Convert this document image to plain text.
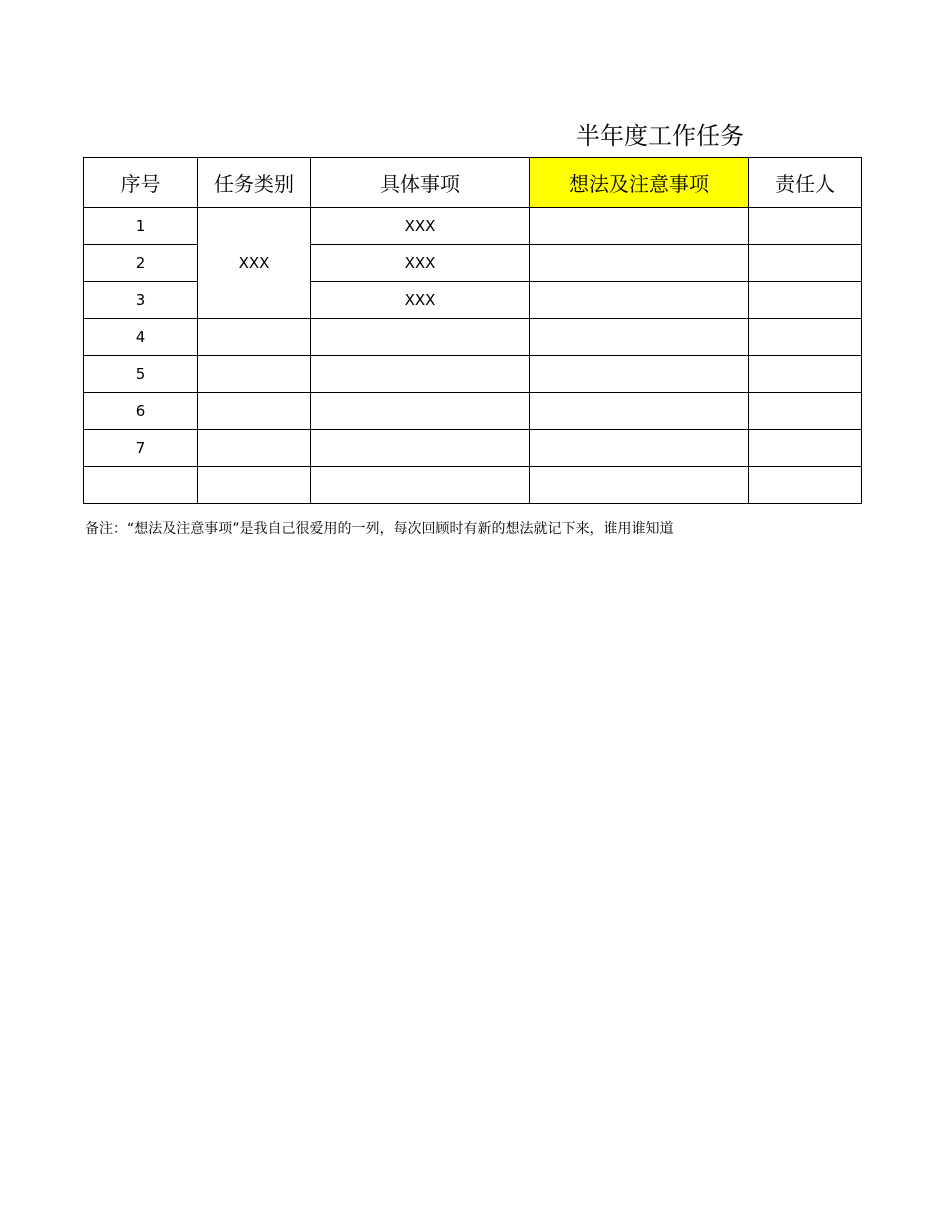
半年度工作任务
序号	任务类别	具体事项	想法及注意事项	责任人
1	XXX	XXX		
2		XXX		
3		XXX		
4				
5				
6				
7				

备注：“想法及注意事项”是我自己很爱用的一列，每次回顾时有新的想法就记下来，谁用谁知道
